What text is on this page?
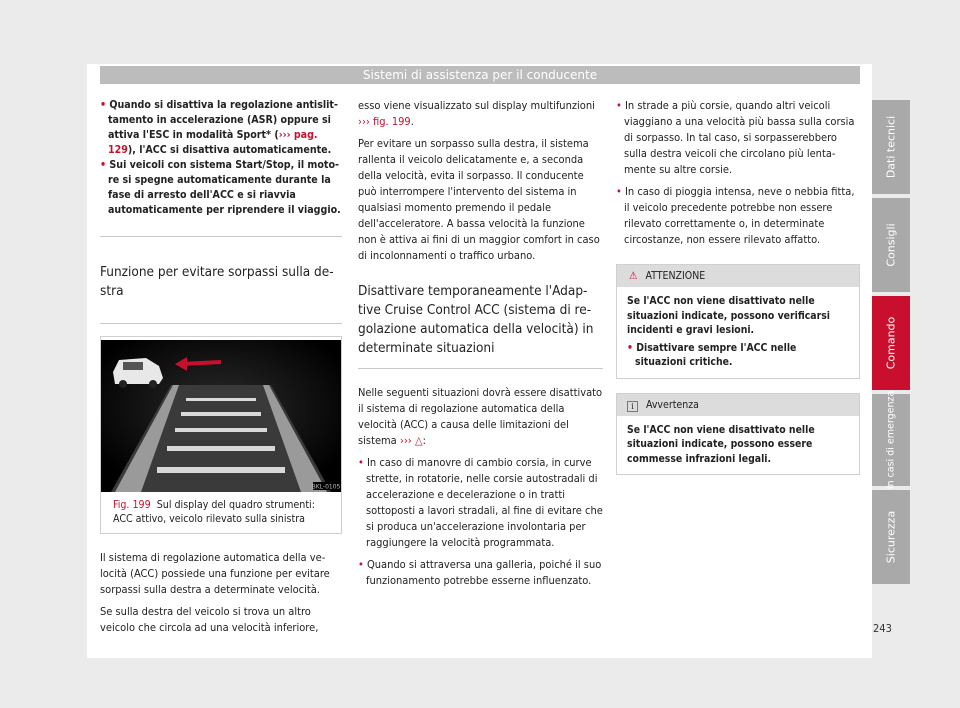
Sistemi di assistenza per il conducente
• Quando si disattiva la regolazione antislittamento in accelerazione (ASR) oppure si attiva l'ESC in modalità Sport* (››› pag. 129), l'ACC si disattiva automaticamente.
• Sui veicoli con sistema Start/Stop, il motore si spegne automaticamente durante la fase di arresto dell'ACC e si riavvia automaticamente per riprendere il viaggio.
Funzione per evitare sorpassi sulla destra
BKL-0105
Fig. 199 Sul display del quadro strumenti: ACC attivo, veicolo rilevato sulla sinistra

Il sistema di regolazione automatica della velocità (ACC) possiede una funzione per evitare sorpassi sulla destra a determinate velocità.

Se sulla destra del veicolo si trova un altro veicolo che circola ad una velocità inferiore,

esso viene visualizzato sul display multifunzioni ››› fig. 199.

Per evitare un sorpasso sulla destra, il sistema rallenta il veicolo delicatamente e, a seconda della velocità, evita il sorpasso. Il conducente può interrompere l'intervento del sistema in qualsiasi momento premendo il pedale dell'acceleratore. A bassa velocità la funzione non è attiva ai fini di un maggior comfort in caso di incolonnamenti o traffico urbano.

Disattivare temporaneamente l'Adaptive Cruise Control ACC (sistema di regolazione automatica della velocità) in determinate situazioni

Nelle seguenti situazioni dovrà essere disattivato il sistema di regolazione automatica della velocità (ACC) a causa delle limitazioni del sistema ››› △:

• In caso di manovre di cambio corsia, in curve strette, in rotatorie, nelle corsie autostradali di accelerazione e decelerazione o in tratti sottoposti a lavori stradali, al fine di evitare che si produca un'accelerazione involontaria per raggiungere la velocità programmata.

• Quando si attraversa una galleria, poiché il suo funzionamento potrebbe esserne influenzato.

• In strade a più corsie, quando altri veicoli viaggiano a una velocità più bassa sulla corsia di sorpasso. In tal caso, si sorpasserebbero sulla destra veicoli che circolano più lentamente su altre corsie.

• In caso di pioggia intensa, neve o nebbia fitta, il veicolo precedente potrebbe non essere rilevato correttamente o, in determinate circostanze, non essere rilevato affatto.

⚠ ATTENZIONE
Se l'ACC non viene disattivato nelle situazioni indicate, possono verificarsi incidenti e gravi lesioni.
• Disattivare sempre l'ACC nelle situazioni critiche.
i Avvertenza
Se l'ACC non viene disattivato nelle situazioni indicate, possono essere commesse infrazioni legali.
Dati tecnici
Consigli
Comando
In casi di emergenza
Sicurezza
243
